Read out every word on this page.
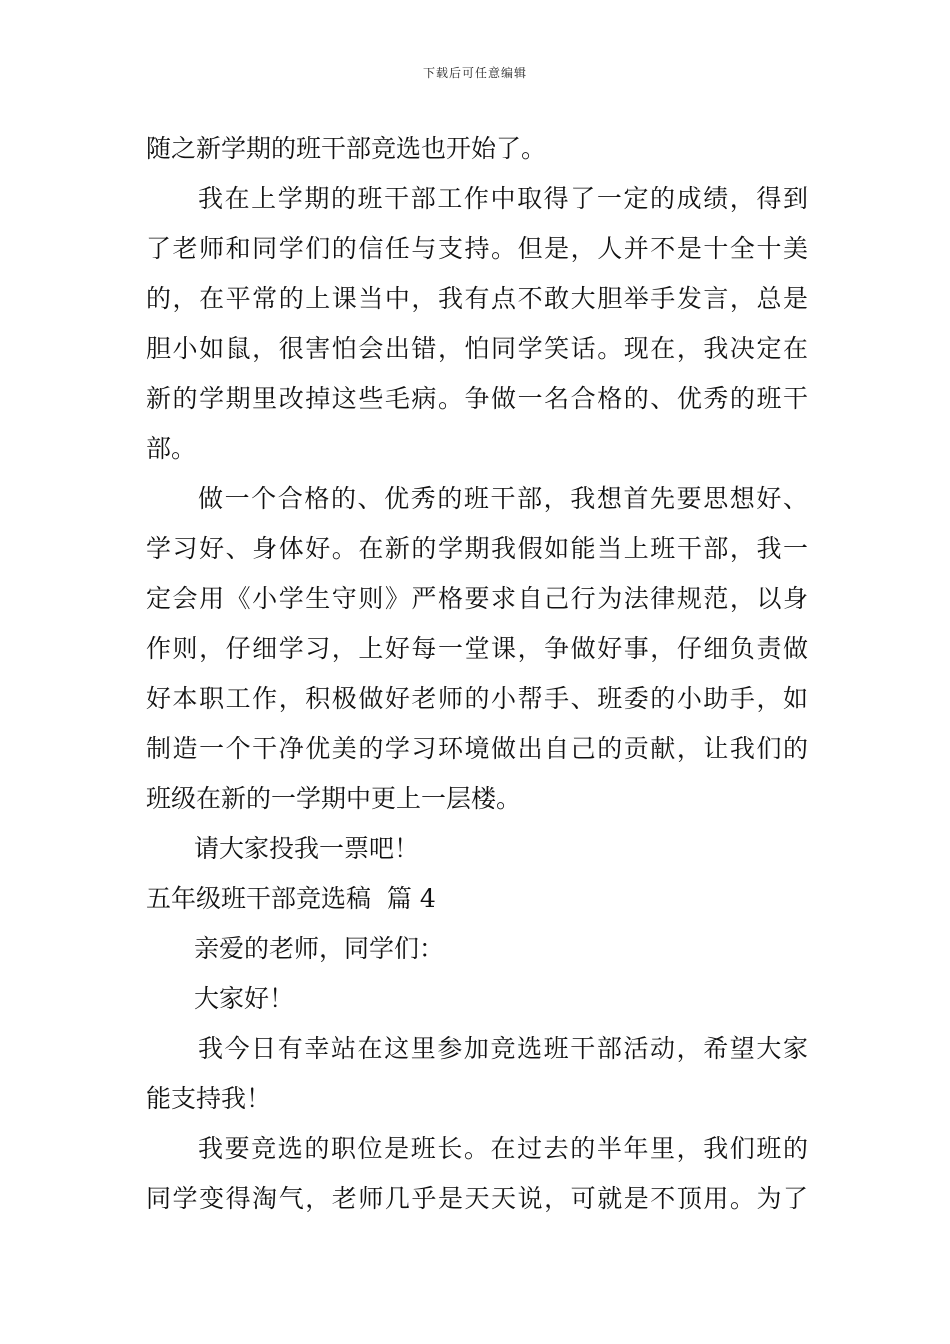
下载后可任意编辑
随之新学期的班干部竞选也开始了。
我在上学期的班干部工作中取得了一定的成绩，得到
了老师和同学们的信任与支持。但是，人并不是十全十美
的，在平常的上课当中，我有点不敢大胆举手发言，总是
胆小如鼠，很害怕会出错，怕同学笑话。现在，我决定在
新的学期里改掉这些毛病。争做一名合格的、优秀的班干
部。
做一个合格的、优秀的班干部，我想首先要思想好、
学习好、身体好。在新的学期我假如能当上班干部，我一
定会用《小学生守则》严格要求自己行为法律规范，以身
作则，仔细学习，上好每一堂课，争做好事，仔细负责做
好本职工作，积极做好老师的小帮手、班委的小助手，如
制造一个干净优美的学习环境做出自己的贡献，让我们的
班级在新的一学期中更上一层楼。
请大家投我一票吧！
五年级班干部竞选稿  篇 4
亲爱的老师，同学们：
大家好！
我今日有幸站在这里参加竞选班干部活动，希望大家
能支持我！
我要竞选的职位是班长。在过去的半年里，我们班的
同学变得淘气，老师几乎是天天说，可就是不顶用。为了
